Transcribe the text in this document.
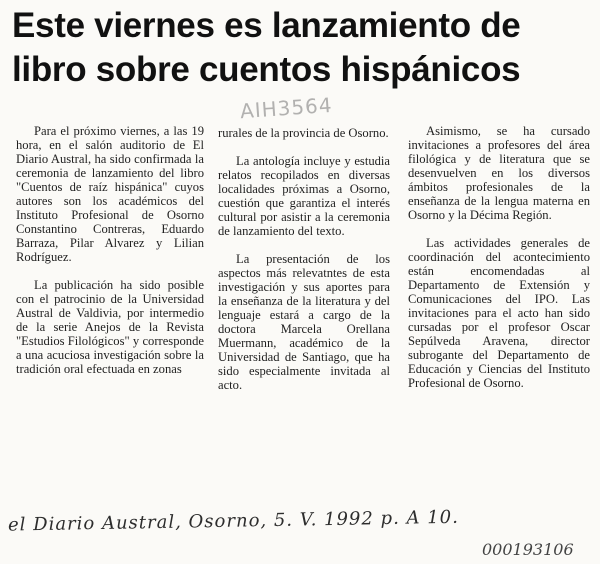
Este viernes es lanzamiento de libro sobre cuentos hispánicos
AIH3564

Para el próximo viernes, a las 19 hora, en el salón auditorio de El Diario Austral, ha sido confirmada la ceremonia de lanzamiento del libro "Cuentos de raíz hispánica" cuyos autores son los académicos del Instituto Profesional de Osorno Constantino Contreras, Eduardo Barraza, Pilar Alvarez y Lilian Rodríguez.

La publicación ha sido posible con el patrocinio de la Universidad Austral de Valdivia, por intermedio de la serie Anejos de la Revista "Estudios Filológicos" y corresponde a una acuciosa investigación sobre la tradición oral efectuada en zonas

rurales de la provincia de Osorno.

La antología incluye y estudia relatos recopilados en diversas localidades próximas a Osorno, cuestión que garantiza el interés cultural por asistir a la ceremonia de lanzamiento del texto.

La presentación de los aspectos más relevatntes de esta investigación y sus aportes para la enseñanza de la literatura y del lenguaje estará a cargo de la doctora Marcela Orellana Muermann, académico de la Universidad de Santiago, que ha sido especialmente invitada al acto.

Asimismo, se ha cursado invitaciones a profesores del área filológica y de literatura que se desenvuelven en los diversos ámbitos profesionales de la enseñanza de la lengua materna en Osorno y la Décima Región.

Las actividades generales de coordinación del acontecimiento están encomendadas al Departamento de Extensión y Comunicaciones del IPO. Las invitaciones para el acto han sido cursadas por el profesor Oscar Sepúlveda Aravena, director subrogante del Departamento de Educación y Ciencias del Instituto Profesional de Osorno.

el Diario Austral, Osorno, 5. V. 1992 p. A 10.
000193106
